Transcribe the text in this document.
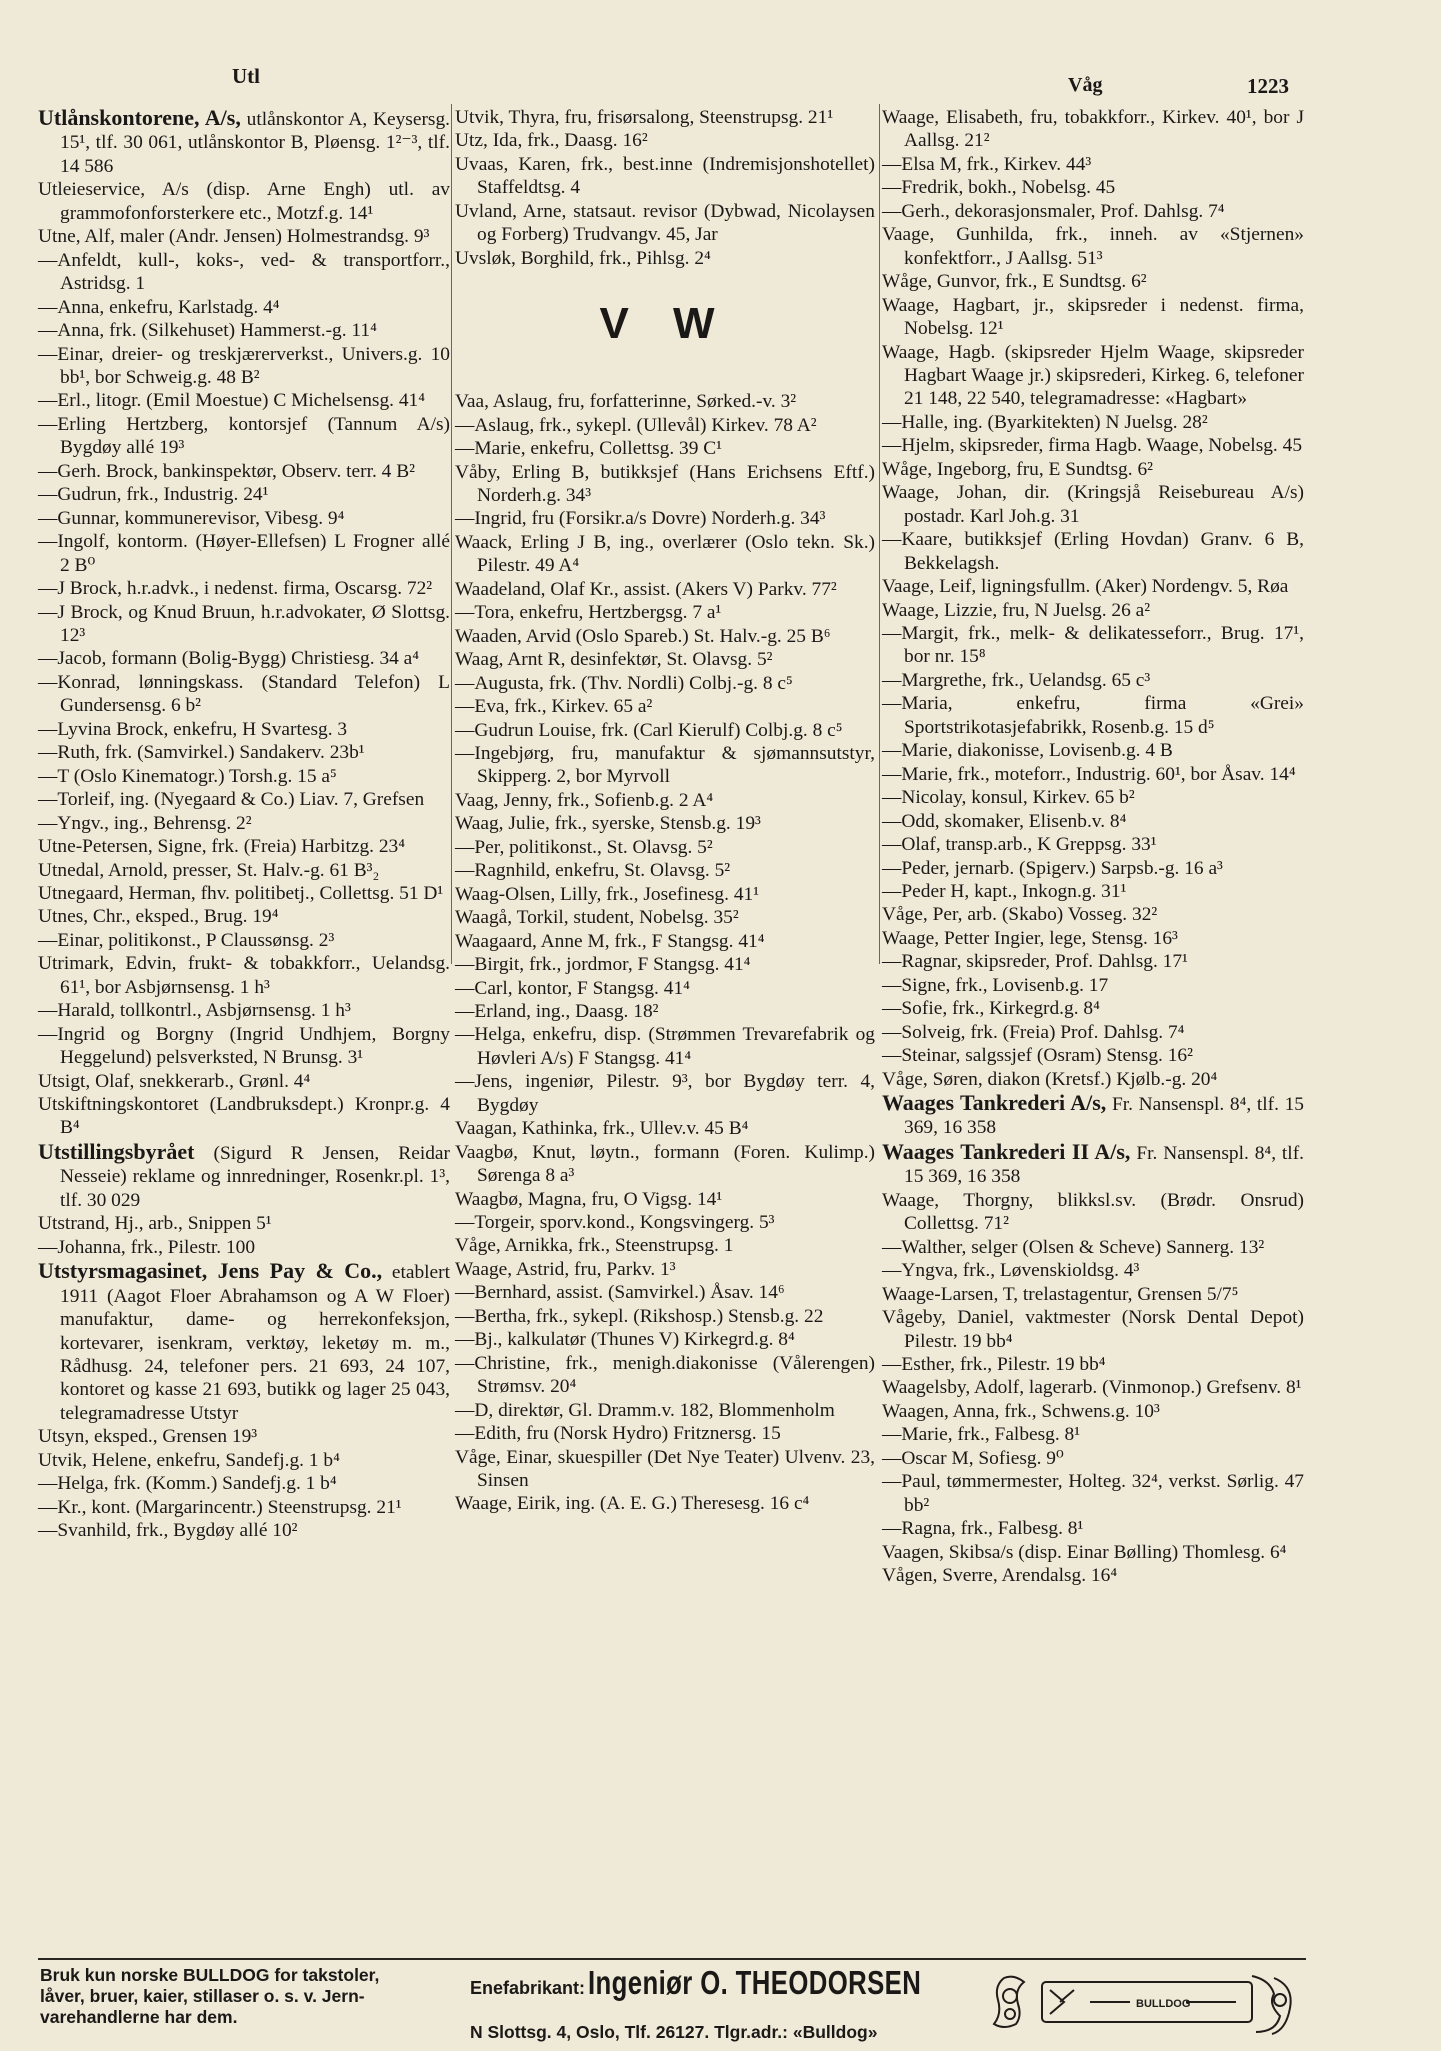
Utl	Våg	1223

Utlånskontorene, A/s, utlånskontor A, Keysersg. 15¹, tlf. 30 061, utlånskontor B, Pløensg. 1²⁻³, tlf. 14 586

Utleieservice, A/s (disp. Arne Engh) utl. av grammofonforsterkere etc., Motzf.g. 14¹

Utne, Alf, maler (Andr. Jensen) Holmestrandsg. 9³

—Anfeldt, kull-, koks-, ved- & transportforr., Astridsg. 1

—Anna, enkefru, Karlstadg. 4⁴

—Anna, frk. (Silkehuset) Hammerst.-g. 11⁴

—Einar, dreier- og treskjærerverkst., Univers.g. 10 bb¹, bor Schweig.g. 48 B²

—Erl., litogr. (Emil Moestue) C Michelsensg. 41⁴

—Erling Hertzberg, kontorsjef (Tannum A/s) Bygdøy allé 19³

—Gerh. Brock, bankinspektør, Observ. terr. 4 B²

—Gudrun, frk., Industrig. 24¹

—Gunnar, kommunerevisor, Vibesg. 9⁴

—Ingolf, kontorm. (Høyer-Ellefsen) L Frogner allé 2 B⁰

—J Brock, h.r.advk., i nedenst. firma, Oscarsg. 72²

—J Brock, og Knud Bruun, h.r.advokater, Ø Slottsg. 12³

—Jacob, formann (Bolig-Bygg) Christiesg. 34 a⁴

—Konrad, lønningskass. (Standard Telefon) L Gundersensg. 6 b²

—Lyvina Brock, enkefru, H Svartesg. 3

—Ruth, frk. (Samvirkel.) Sandakerv. 23b¹

—T (Oslo Kinematogr.) Torsh.g. 15 a⁵

—Torleif, ing. (Nyegaard & Co.) Liav. 7, Grefsen

—Yngv., ing., Behrensg. 2²

Utne-Petersen, Signe, frk. (Freia) Harbitzg. 23⁴

Utnedal, Arnold, presser, St. Halv.-g. 61 B³₂

Utnegaard, Herman, fhv. politibetj., Collettsg. 51 D¹

Utnes, Chr., eksped., Brug. 19⁴

—Einar, politikonst., P Claussønsg. 2³

Utrimark, Edvin, frukt- & tobakkforr., Uelandsg. 61¹, bor Asbjørnsensg. 1 h³

—Harald, tollkontrl., Asbjørnsensg. 1 h³

—Ingrid og Borgny (Ingrid Undhjem, Borgny Heggelund) pelsverksted, N Brunsg. 3¹

Utsigt, Olaf, snekkerarb., Grønl. 4⁴

Utskiftningskontoret (Landbruksdept.) Kronpr.g. 4 B⁴

Utstillingsbyrået (Sigurd R Jensen, Reidar Nesseie) reklame og innredninger, Rosenkr.pl. 1³, tlf. 30 029

Utstrand, Hj., arb., Snippen 5¹

—Johanna, frk., Pilestr. 100

Utstyrsmagasinet, Jens Pay & Co., etablert 1911 (Aagot Floer Abrahamson og A W Floer) manufaktur, dame- og herrekonfeksjon, kortevarer, isenkram, verktøy, leketøy m. m., Rådhusg. 24, telefoner pers. 21 693, 24 107, kontoret og kasse 21 693, butikk og lager 25 043, telegramadresse Utstyr

Utsyn, eksped., Grensen 19³

Utvik, Helene, enkefru, Sandefj.g. 1 b⁴

—Helga, frk. (Komm.) Sandefj.g. 1 b⁴

—Kr., kont. (Margarincentr.) Steenstrupsg. 21¹

—Svanhild, frk., Bygdøy allé 10²

Utvik, Thyra, fru, frisørsalong, Steenstrupsg. 21¹

Utz, Ida, frk., Daasg. 16²

Uvaas, Karen, frk., best.inne (Indremisjonshotellet) Staffeldtsg. 4

Uvland, Arne, statsaut. revisor (Dybwad, Nicolaysen og Forberg) Trudvangv. 45, Jar

Uvsløk, Borghild, frk., Pihlsg. 2⁴

V W

Vaa, Aslaug, fru, forfatterinne, Sørked.-v. 3²

—Aslaug, frk., sykepl. (Ullevål) Kirkev. 78 A²

—Marie, enkefru, Collettsg. 39 C¹

Våby, Erling B, butikksjef (Hans Erichsens Eftf.) Norderh.g. 34³

—Ingrid, fru (Forsikr.a/s Dovre) Norderh.g. 34³

Waack, Erling J B, ing., overlærer (Oslo tekn. Sk.) Pilestr. 49 A⁴

Waadeland, Olaf Kr., assist. (Akers V) Parkv. 77²

—Tora, enkefru, Hertzbergsg. 7 a¹

Waaden, Arvid (Oslo Spareb.) St. Halv.-g. 25 B⁶

Waag, Arnt R, desinfektør, St. Olavsg. 5²

—Augusta, frk. (Thv. Nordli) Colbj.-g. 8 c⁵

—Eva, frk., Kirkev. 65 a²

—Gudrun Louise, frk. (Carl Kierulf) Colbj.g. 8 c⁵

—Ingebjørg, fru, manufaktur & sjømannsutstyr, Skipperg. 2, bor Myrvoll

Vaag, Jenny, frk., Sofienb.g. 2 A⁴

Waag, Julie, frk., syerske, Stensb.g. 19³

—Per, politikonst., St. Olavsg. 5²

—Ragnhild, enkefru, St. Olavsg. 5²

Waag-Olsen, Lilly, frk., Josefinesg. 41¹

Waagå, Torkil, student, Nobelsg. 35²

Waagaard, Anne M, frk., F Stangsg. 41⁴

—Birgit, frk., jordmor, F Stangsg. 41⁴

—Carl, kontor, F Stangsg. 41⁴

—Erland, ing., Daasg. 18²

—Helga, enkefru, disp. (Strømmen Trevarefabrik og Høvleri A/s) F Stangsg. 41⁴

—Jens, ingeniør, Pilestr. 9³, bor Bygdøy terr. 4, Bygdøy

Vaagan, Kathinka, frk., Ullev.v. 45 B⁴

Vaagbø, Knut, løytn., formann (Foren. Kulimp.) Sørenga 8 a³

Waagbø, Magna, fru, O Vigsg. 14¹

—Torgeir, sporv.kond., Kongsvingerg. 5³

Våge, Arnikka, frk., Steenstrupsg. 1

Waage, Astrid, fru, Parkv. 1³

—Bernhard, assist. (Samvirkel.) Åsav. 14⁶

—Bertha, frk., sykepl. (Rikshosp.) Stensb.g. 22

—Bj., kalkulatør (Thunes V) Kirkegrd.g. 8⁴

—Christine, frk., menigh.diakonisse (Vålerengen) Strømsv. 20⁴

—D, direktør, Gl. Dramm.v. 182, Blommenholm

—Edith, fru (Norsk Hydro) Fritznersg. 15

Våge, Einar, skuespiller (Det Nye Teater) Ulvenv. 23, Sinsen

Waage, Eirik, ing. (A. E. G.) Theresesg. 16 c⁴

Waage, Elisabeth, fru, tobakkforr., Kirkev. 40¹, bor J Aallsg. 21²

—Elsa M, frk., Kirkev. 44³

—Fredrik, bokh., Nobelsg. 45

—Gerh., dekorasjonsmaler, Prof. Dahlsg. 7⁴

Vaage, Gunhilda, frk., inneh. av «Stjernen» konfektforr., J Aallsg. 51³

Wåge, Gunvor, frk., E Sundtsg. 6²

Waage, Hagbart, jr., skipsreder i nedenst. firma, Nobelsg. 12¹

Waage, Hagb. (skipsreder Hjelm Waage, skipsreder Hagbart Waage jr.) skipsrederi, Kirkeg. 6, telefoner 21 148, 22 540, telegramadresse: «Hagbart»

—Halle, ing. (Byarkitekten) N Juelsg. 28²

—Hjelm, skipsreder, firma Hagb. Waage, Nobelsg. 45

Wåge, Ingeborg, fru, E Sundtsg. 6²

Waage, Johan, dir. (Kringsjå Reisebureau A/s) postadr. Karl Joh.g. 31

—Kaare, butikksjef (Erling Hovdan) Granv. 6 B, Bekkelagsh.

Vaage, Leif, ligningsfullm. (Aker) Nordengv. 5, Røa

Waage, Lizzie, fru, N Juelsg. 26 a²

—Margit, frk., melk- & delikatesseforr., Brug. 17¹, bor nr. 15⁸

—Margrethe, frk., Uelandsg. 65 c³

—Maria, enkefru, firma «Grei» Sportstrikotasjefabrikk, Rosenb.g. 15 d⁵

—Marie, diakonisse, Lovisenb.g. 4 B

—Marie, frk., moteforr., Industrig. 60¹, bor Åsav. 14⁴

—Nicolay, konsul, Kirkev. 65 b²

—Odd, skomaker, Elisenb.v. 8⁴

—Olaf, transp.arb., K Greppsg. 33¹

—Peder, jernarb. (Spigerv.) Sarpsb.-g. 16 a³

—Peder H, kapt., Inkogn.g. 31¹

Våge, Per, arb. (Skabo) Vosseg. 32²

Waage, Petter Ingier, lege, Stensg. 16³

—Ragnar, skipsreder, Prof. Dahlsg. 17¹

—Signe, frk., Lovisenb.g. 17

—Sofie, frk., Kirkegrd.g. 8⁴

—Solveig, frk. (Freia) Prof. Dahlsg. 7⁴

—Steinar, salgssjef (Osram) Stensg. 16²

Våge, Søren, diakon (Kretsf.) Kjølb.-g. 20⁴

Waages Tankrederi A/s, Fr. Nansenspl. 8⁴, tlf. 15 369, 16 358

Waages Tankrederi II A/s, Fr. Nansenspl. 8⁴, tlf. 15 369, 16 358

Waage, Thorgny, blikksl.sv. (Brødr. Onsrud) Collettsg. 71²

—Walther, selger (Olsen & Scheve) Sannerg. 13²

—Yngva, frk., Løvenskioldsg. 4³

Waage-Larsen, T, trelastagentur, Grensen 5/7⁵

Vågeby, Daniel, vaktmester (Norsk Dental Depot) Pilestr. 19 bb⁴

—Esther, frk., Pilestr. 19 bb⁴

Waagelsby, Adolf, lagerarb. (Vinmonop.) Grefsenv. 8¹

Waagen, Anna, frk., Schwens.g. 10³

—Marie, frk., Falbesg. 8¹

—Oscar M, Sofiesg. 9⁰

—Paul, tømmermester, Holteg. 32⁴, verkst. Sørlig. 47 bb²

—Ragna, frk., Falbesg. 8¹

Vaagen, Skibsa/s (disp. Einar Bølling) Thomlesg. 6⁴

Vågen, Sverre, Arendalsg. 16⁴

Bruk kun norske BULLDOG for takstoler,

låver, bruer, kaier, stillaser o. s. v. Jern-

varehandlerne har dem.

Enefabrikant: Ingeniør O. THEODORSEN
N Slottsg. 4, Oslo, Tlf. 26127. Tlgr.adr.: «Bulldog»
BULLDOG
